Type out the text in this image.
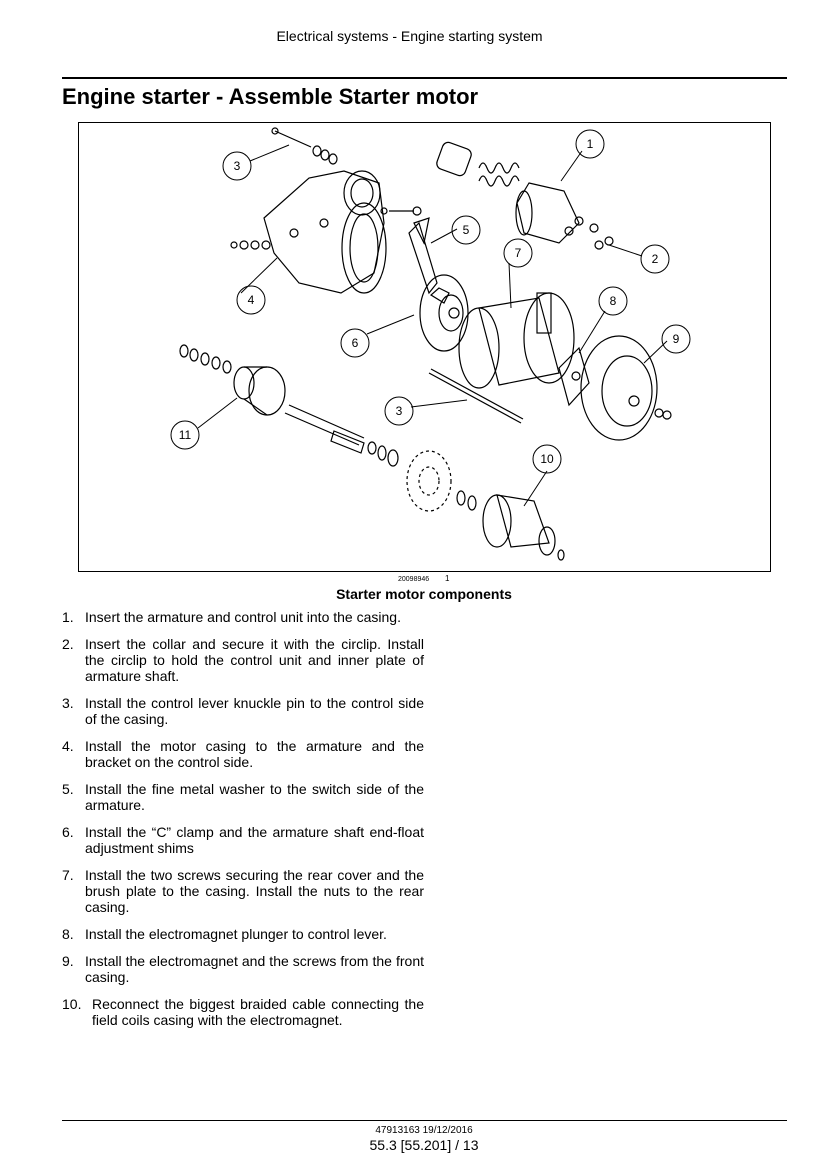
Electrical systems - Engine starting system
Engine starter - Assemble Starter motor
1
2
3
4
5
6
7
8
9
10
11
3
20098946 1
Starter motor components
1. Insert the armature and control unit into the casing.
2. Insert the collar and secure it with the circlip. Install the circlip to hold the control unit and inner plate of armature shaft.
3. Install the control lever knuckle pin to the control side of the casing.
4. Install the motor casing to the armature and the bracket on the control side.
5. Install the fine metal washer to the switch side of the armature.
6. Install the “C” clamp and the armature shaft end-float adjustment shims
7. Install the two screws securing the rear cover and the brush plate to the casing. Install the nuts to the rear casing.
8. Install the electromagnet plunger to control lever.
9. Install the electromagnet and the screws from the front casing.
10. Reconnect the biggest braided cable connecting the field coils casing with the electromagnet.
47913163 19/12/2016
55.3 [55.201] / 13
